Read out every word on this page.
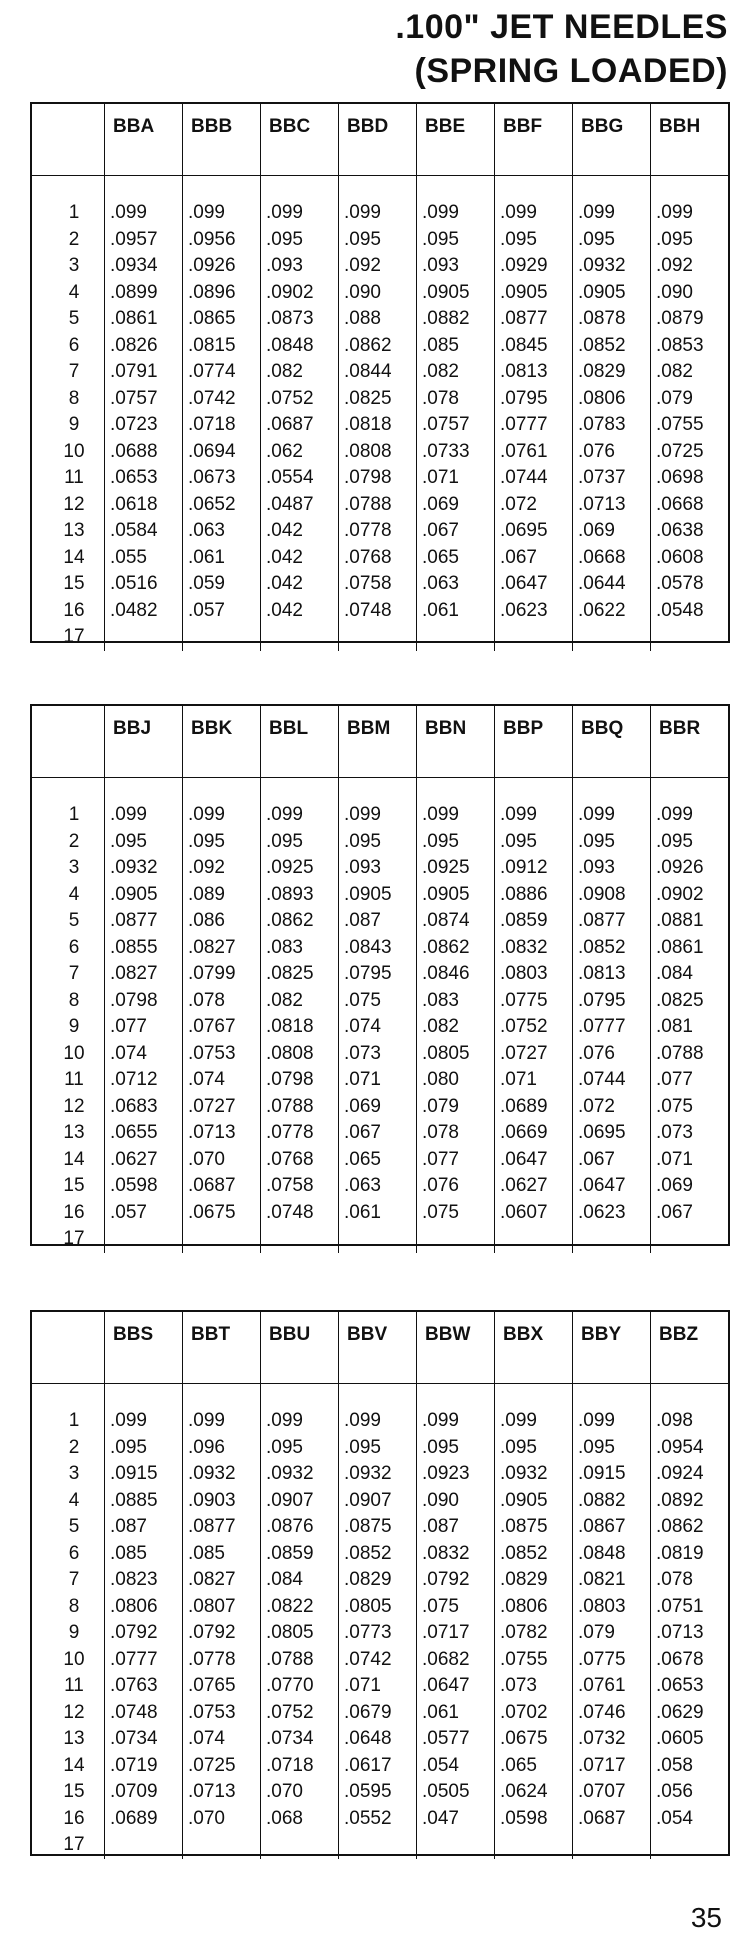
.100" JET NEEDLES
(SPRING LOADED)
1
2
3
4
5
6
7
8
9
10
11
12
13
14
15
16
17
BBA
.099
.0957
.0934
.0899
.0861
.0826
.0791
.0757
.0723
.0688
.0653
.0618
.0584
.055
.0516
.0482
BBB
.099
.0956
.0926
.0896
.0865
.0815
.0774
.0742
.0718
.0694
.0673
.0652
.063
.061
.059
.057
BBC
.099
.095
.093
.0902
.0873
.0848
.082
.0752
.0687
.062
.0554
.0487
.042
.042
.042
.042
BBD
.099
.095
.092
.090
.088
.0862
.0844
.0825
.0818
.0808
.0798
.0788
.0778
.0768
.0758
.0748
BBE
.099
.095
.093
.0905
.0882
.085
.082
.078
.0757
.0733
.071
.069
.067
.065
.063
.061
BBF
.099
.095
.0929
.0905
.0877
.0845
.0813
.0795
.0777
.0761
.0744
.072
.0695
.067
.0647
.0623
BBG
.099
.095
.0932
.0905
.0878
.0852
.0829
.0806
.0783
.076
.0737
.0713
.069
.0668
.0644
.0622
BBH
.099
.095
.092
.090
.0879
.0853
.082
.079
.0755
.0725
.0698
.0668
.0638
.0608
.0578
.0548
1
2
3
4
5
6
7
8
9
10
11
12
13
14
15
16
17
BBJ
.099
.095
.0932
.0905
.0877
.0855
.0827
.0798
.077
.074
.0712
.0683
.0655
.0627
.0598
.057
BBK
.099
.095
.092
.089
.086
.0827
.0799
.078
.0767
.0753
.074
.0727
.0713
.070
.0687
.0675
BBL
.099
.095
.0925
.0893
.0862
.083
.0825
.082
.0818
.0808
.0798
.0788
.0778
.0768
.0758
.0748
BBM
.099
.095
.093
.0905
.087
.0843
.0795
.075
.074
.073
.071
.069
.067
.065
.063
.061
BBN
.099
.095
.0925
.0905
.0874
.0862
.0846
.083
.082
.0805
.080
.079
.078
.077
.076
.075
BBP
.099
.095
.0912
.0886
.0859
.0832
.0803
.0775
.0752
.0727
.071
.0689
.0669
.0647
.0627
.0607
BBQ
.099
.095
.093
.0908
.0877
.0852
.0813
.0795
.0777
.076
.0744
.072
.0695
.067
.0647
.0623
BBR
.099
.095
.0926
.0902
.0881
.0861
.084
.0825
.081
.0788
.077
.075
.073
.071
.069
.067
1
2
3
4
5
6
7
8
9
10
11
12
13
14
15
16
17
BBS
.099
.095
.0915
.0885
.087
.085
.0823
.0806
.0792
.0777
.0763
.0748
.0734
.0719
.0709
.0689
BBT
.099
.096
.0932
.0903
.0877
.085
.0827
.0807
.0792
.0778
.0765
.0753
.074
.0725
.0713
.070
BBU
.099
.095
.0932
.0907
.0876
.0859
.084
.0822
.0805
.0788
.0770
.0752
.0734
.0718
.070
.068
BBV
.099
.095
.0932
.0907
.0875
.0852
.0829
.0805
.0773
.0742
.071
.0679
.0648
.0617
.0595
.0552
BBW
.099
.095
.0923
.090
.087
.0832
.0792
.075
.0717
.0682
.0647
.061
.0577
.054
.0505
.047
BBX
.099
.095
.0932
.0905
.0875
.0852
.0829
.0806
.0782
.0755
.073
.0702
.0675
.065
.0624
.0598
BBY
.099
.095
.0915
.0882
.0867
.0848
.0821
.0803
.079
.0775
.0761
.0746
.0732
.0717
.0707
.0687
BBZ
.098
.0954
.0924
.0892
.0862
.0819
.078
.0751
.0713
.0678
.0653
.0629
.0605
.058
.056
.054
35
